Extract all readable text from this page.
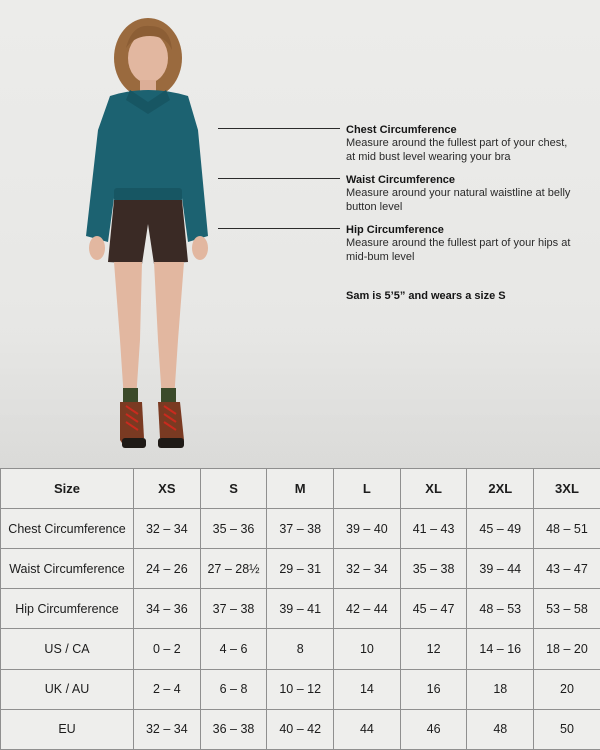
Chest Circumference
Measure around the fullest part of your chest, at mid bust level wearing your bra
Waist Circumference
Measure around your natural waistline at belly button level
Hip Circumference
Measure around the fullest part of your hips at mid-bum level
Sam is 5’5” and wears a size S
Size	XS	S	M	L	XL	2XL	3XL
Chest Circumference	32 – 34	35 – 36	37 – 38	39 – 40	41 – 43	45 – 49	48 – 51
Waist Circumference	24 – 26	27 – 28½	29 – 31	32 – 34	35 – 38	39 – 44	43 – 47
Hip Circumference	34 – 36	37 – 38	39 – 41	42 – 44	45 – 47	48 – 53	53 – 58
US / CA	0 – 2	4 – 6	8	10	12	14 – 16	18 – 20
UK / AU	2 – 4	6 – 8	10 – 12	14	16	18	20
EU	32 – 34	36 – 38	40 – 42	44	46	48	50
